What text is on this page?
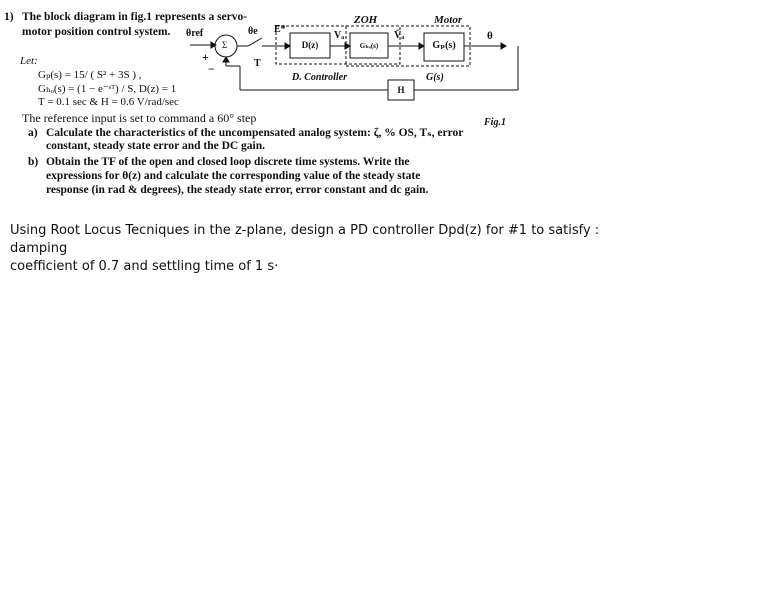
1) The block diagram in fig.1 represents a servo-
motor position control system.
Let:
Gₚ(s) = 15/ ( S² + 3S ) ,
Gₕₒ(s) = (1 − e⁻ˢᵀ) / S, D(z) = 1
T = 0.1 sec & H = 0.6 V/rad/sec
The reference input is set to command a 60° step
a) Calculate the characteristics of the uncompensated analog system: ζ, % OS, Tₛ, error
constant, steady state error and the DC gain.
b) Obtain the TF of the open and closed loop discrete time systems. Write the
expressions for θ(z) and calculate the corresponding value of the steady state
response (in rad & degrees), the steady state error, error constant and dc gain.
ZOH	Motor
θref	θe
Σ
+
−
E*
T
D(z)
Vₐ
Gₕₒ(s)
V̄ₐ
Gₚ(s)
θ
D. Controller	G(s)
H
Fig.1

Using Root Locus Tecniques in the z-plane, design a PD controller Dpd(z) for #1 to satisfy : damping

coefficient of 0.7 and settling time of 1 s·
